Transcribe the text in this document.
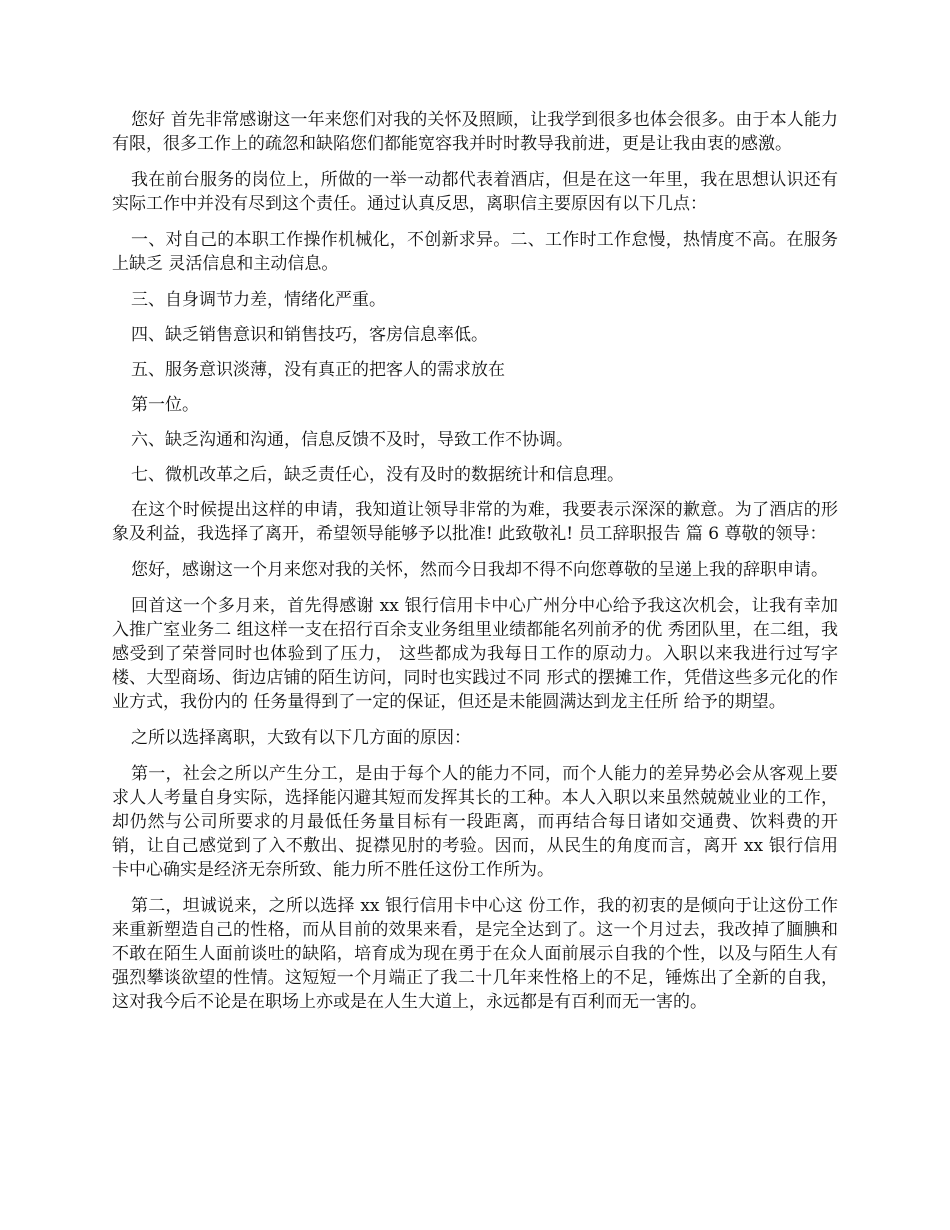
您好 首先非常感谢这一年来您们对我的关怀及照顾，让我学到很多也体会很多。由于本人能力有限，很多工作上的疏忽和缺陷您们都能宽容我并时时教导我前进，更是让我由衷的感激。

我在前台服务的岗位上，所做的一举一动都代表着酒店，但是在这一年里，我在思想认识还有实际工作中并没有尽到这个责任。通过认真反思，离职信主要原因有以下几点：

一、对自己的本职工作操作机械化，不创新求异。二、工作时工作怠慢，热情度不高。在服务上缺乏 灵活信息和主动信息。

三、自身调节力差，情绪化严重。

四、缺乏销售意识和销售技巧，客房信息率低。

五、服务意识淡薄，没有真正的把客人的需求放在

第一位。

六、缺乏沟通和沟通，信息反馈不及时，导致工作不协调。

七、微机改革之后，缺乏责任心，没有及时的数据统计和信息理。

在这个时候提出这样的申请，我知道让领导非常的为难，我要表示深深的歉意。为了酒店的形象及利益，我选择了离开，希望领导能够予以批准! 此致敬礼! 员工辞职报告 篇 6 尊敬的领导：

您好，感谢这一个月来您对我的关怀，然而今日我却不得不向您尊敬的呈递上我的辞职申请。

回首这一个多月来，首先得感谢 xx 银行信用卡中心广州分中心给予我这次机会，让我有幸加入推广室业务二 组这样一支在招行百余支业务组里业绩都能名列前矛的优 秀团队里，在二组，我感受到了荣誉同时也体验到了压力， 这些都成为我每日工作的原动力。入职以来我进行过写字 楼、大型商场、街边店铺的陌生访问，同时也实践过不同 形式的摆摊工作，凭借这些多元化的作业方式，我份内的 任务量得到了一定的保证，但还是未能圆满达到龙主任所 给予的期望。

之所以选择离职，大致有以下几方面的原因：

第一，社会之所以产生分工，是由于每个人的能力不同，而个人能力的差异势必会从客观上要求人人考量自身实际，选择能闪避其短而发挥其长的工种。本人入职以来虽然兢兢业业的工作，却仍然与公司所要求的月最低任务量目标有一段距离，而再结合每日诸如交通费、饮料费的开销，让自己感觉到了入不敷出、捉襟见肘的考验。因而，从民生的角度而言，离开 xx 银行信用卡中心确实是经济无奈所致、能力所不胜任这份工作所为。

第二，坦诚说来，之所以选择 xx 银行信用卡中心这 份工作，我的初衷的是倾向于让这份工作来重新塑造自己的性格，而从目前的效果来看，是完全达到了。这一个月过去，我改掉了腼腆和不敢在陌生人面前谈吐的缺陷，培育成为现在勇于在众人面前展示自我的个性，以及与陌生人有强烈攀谈欲望的性情。这短短一个月端正了我二十几年来性格上的不足，锤炼出了全新的自我，这对我今后不论是在职场上亦或是在人生大道上，永远都是有百利而无一害的。
